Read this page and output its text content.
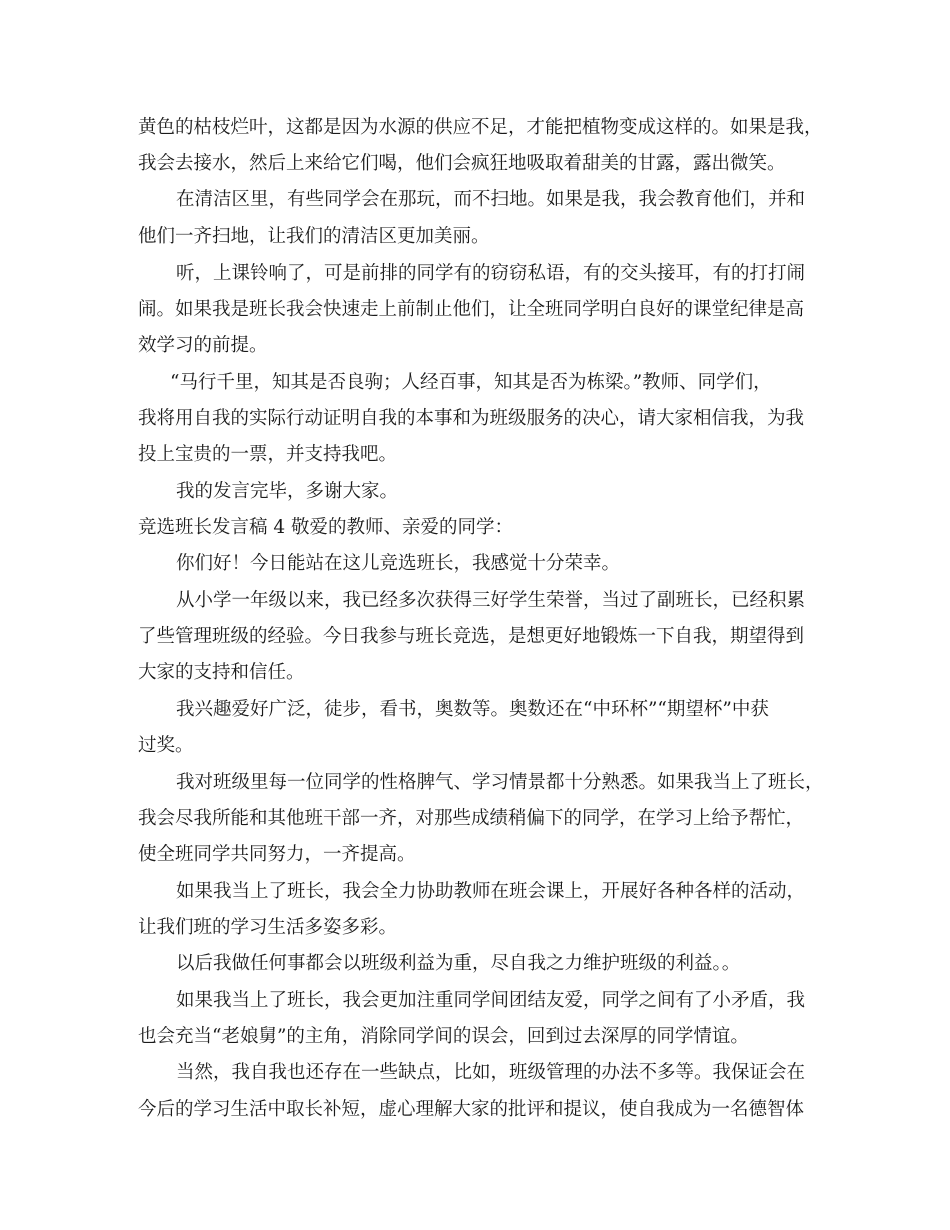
黄色的枯枝烂叶，这都是因为水源的供应不足，才能把植物变成这样的。如果是我，
我会去接水，然后上来给它们喝，他们会疯狂地吸取着甜美的甘露，露出微笑。
在清洁区里，有些同学会在那玩，而不扫地。如果是我，我会教育他们，并和
他们一齐扫地，让我们的清洁区更加美丽。
听，上课铃响了，可是前排的同学有的窃窃私语，有的交头接耳，有的打打闹
闹。如果我是班长我会快速走上前制止他们，让全班同学明白良好的课堂纪律是高
效学习的前提。
“马行千里，知其是否良驹；人经百事，知其是否为栋梁。”教师、同学们，
我将用自我的实际行动证明自我的本事和为班级服务的决心，请大家相信我，为我
投上宝贵的一票，并支持我吧。
我的发言完毕，多谢大家。
竞选班长发言稿 4 敬爱的教师、亲爱的同学：
你们好！今日能站在这儿竞选班长，我感觉十分荣幸。
从小学一年级以来，我已经多次获得三好学生荣誉，当过了副班长，已经积累
了些管理班级的经验。今日我参与班长竞选，是想更好地锻炼一下自我，期望得到
大家的支持和信任。
我兴趣爱好广泛，徒步，看书，奥数等。奥数还在“中环杯”“期望杯”中获
过奖。
我对班级里每一位同学的性格脾气、学习情景都十分熟悉。如果我当上了班长，
我会尽我所能和其他班干部一齐，对那些成绩稍偏下的同学，在学习上给予帮忙，
使全班同学共同努力，一齐提高。
如果我当上了班长，我会全力协助教师在班会课上，开展好各种各样的活动，
让我们班的学习生活多姿多彩。
以后我做任何事都会以班级利益为重，尽自我之力维护班级的利益。。
如果我当上了班长，我会更加注重同学间团结友爱，同学之间有了小矛盾，我
也会充当“老娘舅”的主角，消除同学间的误会，回到过去深厚的同学情谊。
当然，我自我也还存在一些缺点，比如，班级管理的办法不多等。我保证会在
今后的学习生活中取长补短，虚心理解大家的批评和提议，使自我成为一名德智体
